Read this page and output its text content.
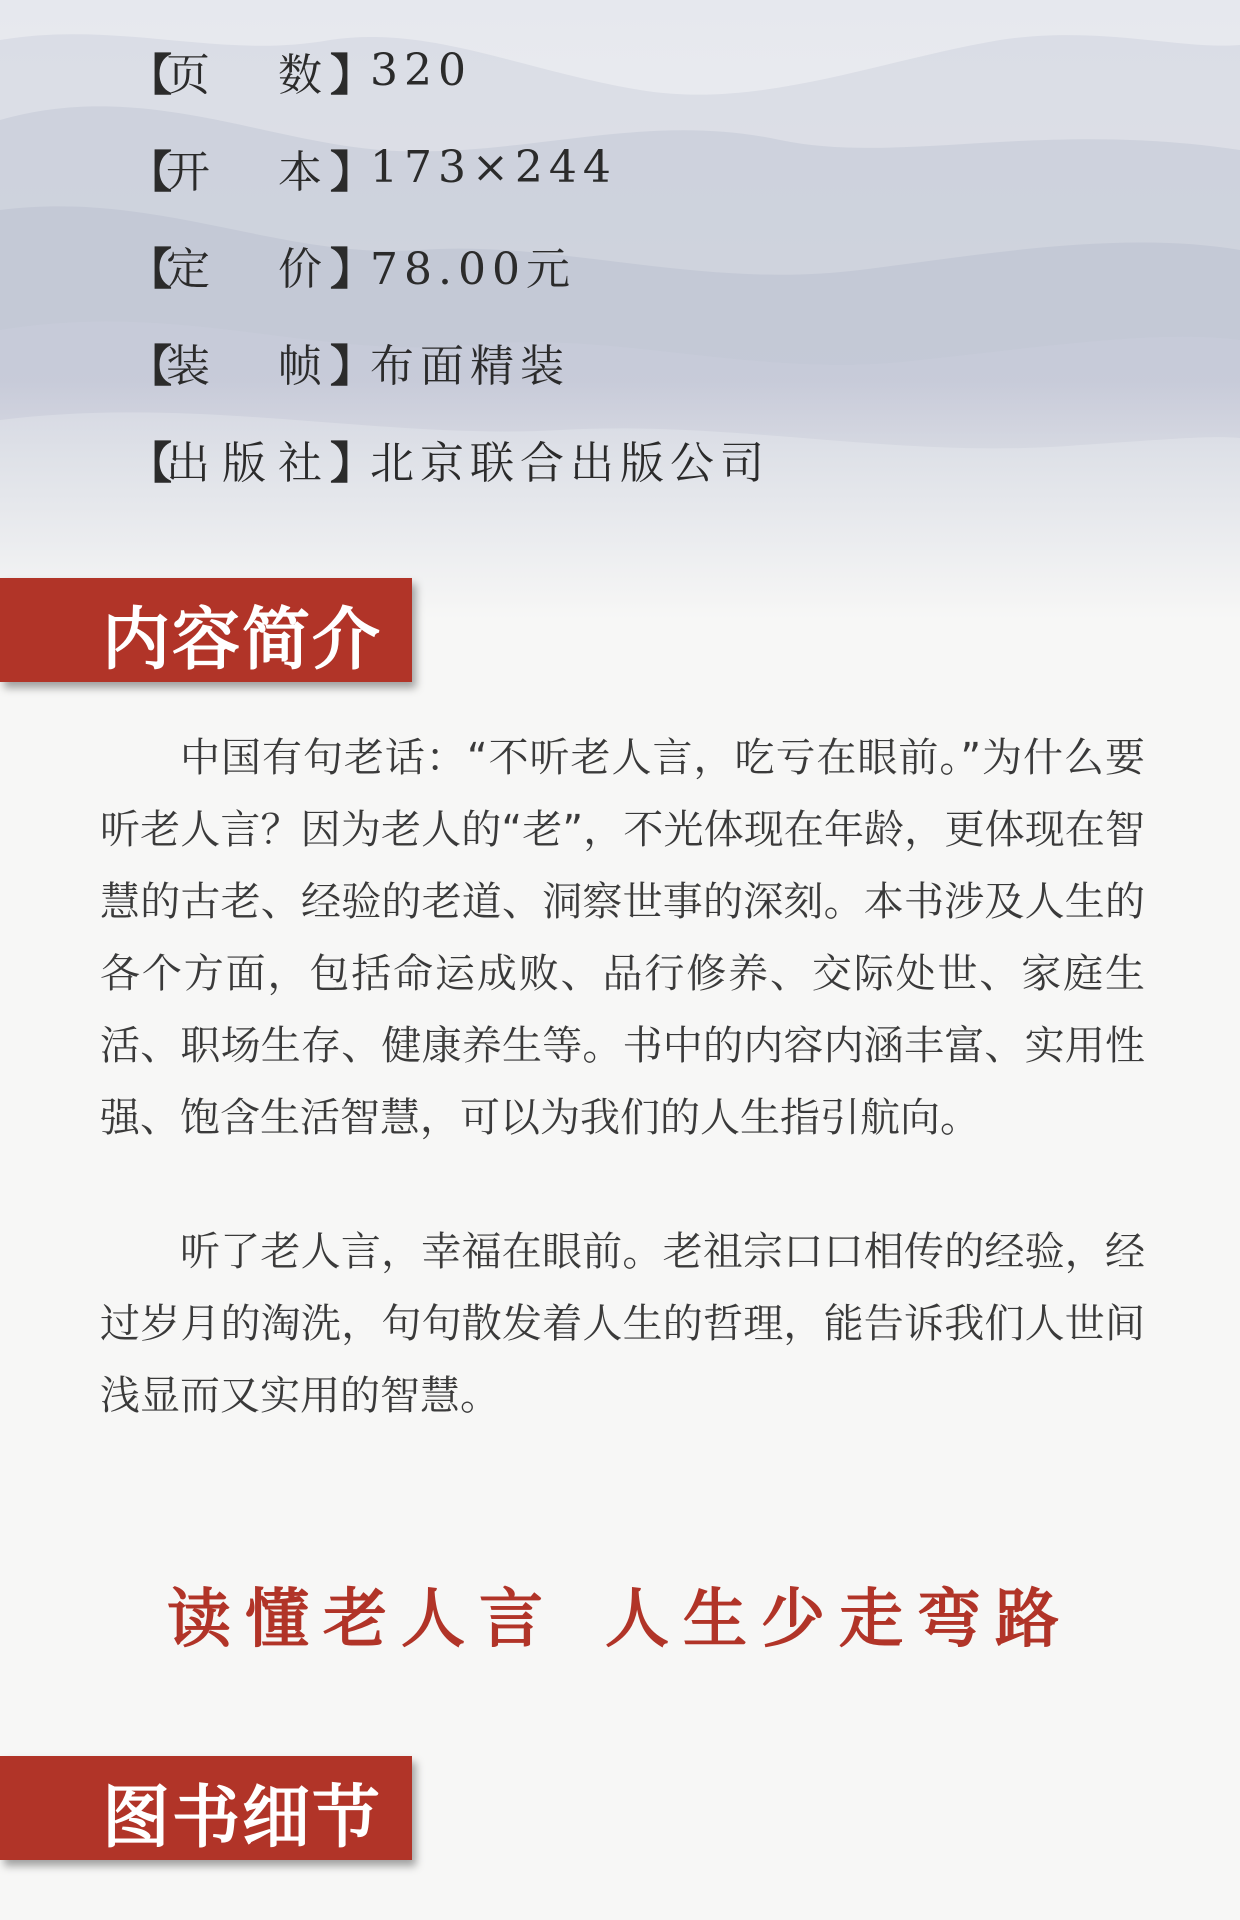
【
页 数 】
320
【
开 本 】
173×244
【
定 价 】
78.00元
【
装 帧 】
布面精装
【
出 版 社 】
北京联合出版公司
内容简介

中国有句老话：“不听老人言，吃亏在眼前。”为什么要听老人言？因为老人的“老”，不光体现在年龄，更体现在智慧的古老、经验的老道、洞察世事的深刻。本书涉及人生的各个方面，包括命运成败、品行修养、交际处世、家庭生活、职场生存、健康养生等。书中的内容内涵丰富、实用性强、饱含生活智慧，可以为我们的人生指引航向。

听了老人言，幸福在眼前。老祖宗口口相传的经验，经过岁月的淘洗，句句散发着人生的哲理，能告诉我们人世间浅显而又实用的智慧。

读懂老人言 人生少走弯路
图书细节
